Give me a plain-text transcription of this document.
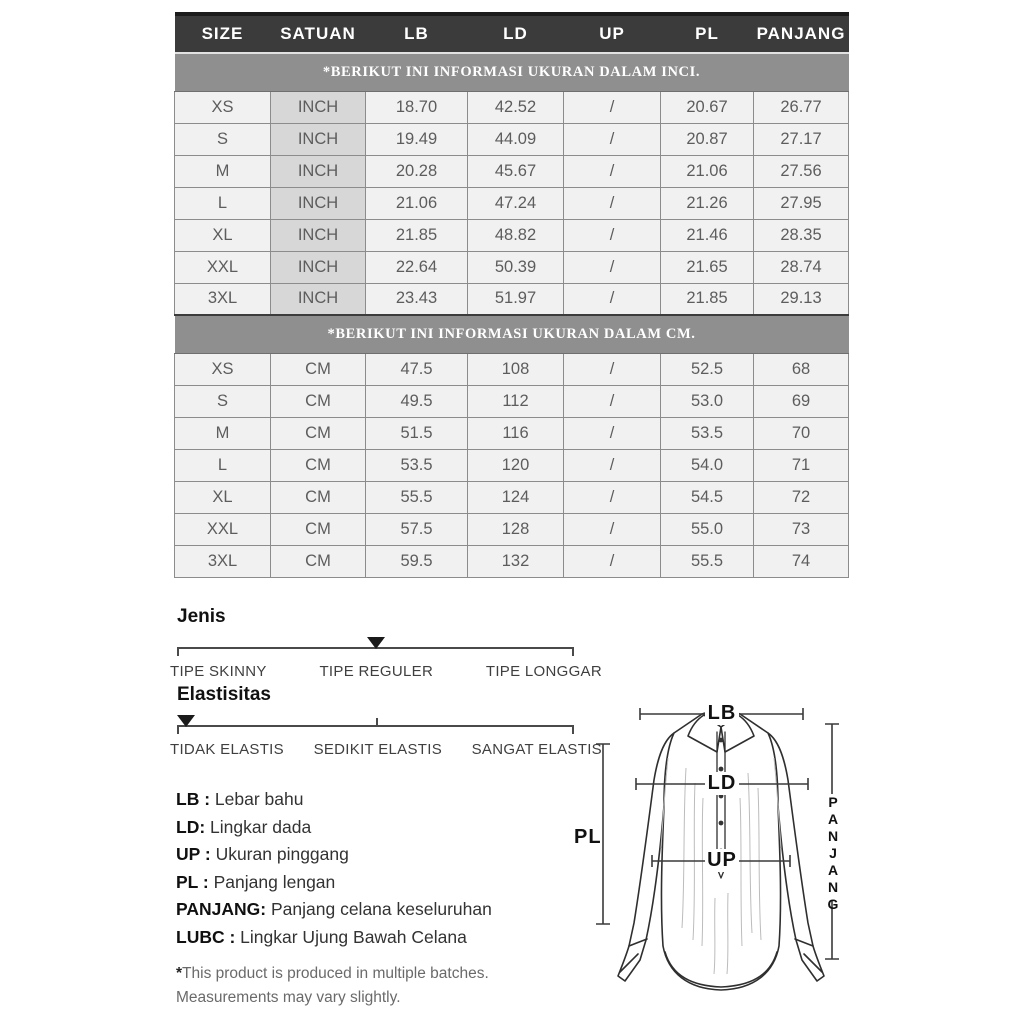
SIZE	SATUAN	LB	LD	UP	PL	PANJANG
*BERIKUT INI INFORMASI UKURAN DALAM INCI.						
XS	INCH	18.70	42.52	/	20.67	26.77
S	INCH	19.49	44.09	/	20.87	27.17
M	INCH	20.28	45.67	/	21.06	27.56
L	INCH	21.06	47.24	/	21.26	27.95
XL	INCH	21.85	48.82	/	21.46	28.35
XXL	INCH	22.64	50.39	/	21.65	28.74
3XL	INCH	23.43	51.97	/	21.85	29.13
*BERIKUT INI INFORMASI UKURAN DALAM CM.						
XS	CM	47.5	108	/	52.5	68
S	CM	49.5	112	/	53.0	69
M	CM	51.5	116	/	53.5	70
L	CM	53.5	120	/	54.0	71
XL	CM	55.5	124	/	54.5	72
XXL	CM	57.5	128	/	55.0	73
3XL	CM	59.5	132	/	55.5	74
Jenis
TIPE SKINNY	TIPE REGULER	TIPE LONGGAR
Elastisitas
TIDAK ELASTIS SEDIKIT ELASTIS SANGAT ELASTIS
LB : Lebar bahu
LD: Lingkar dada
UP : Ukuran pinggang
PL : Panjang lengan
PANJANG: Panjang celana keseluruhan
LUBC : Lingkar Ujung Bawah Celana
*This product is produced in multiple batches.
Measurements may vary slightly.
LB
LD
UP
PL	PANJANG
